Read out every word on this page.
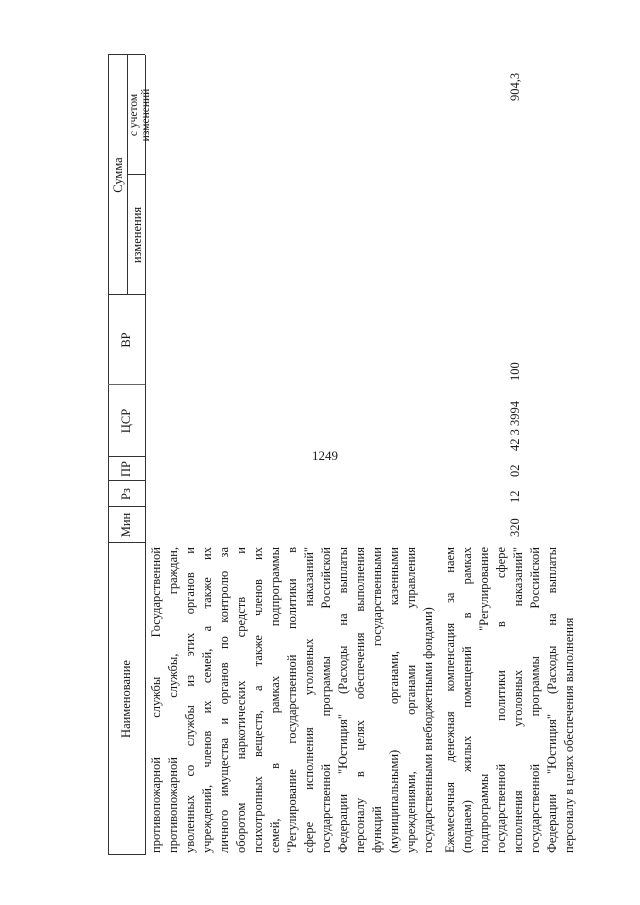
1249
Наименование
Мин
Рз
ПР
ЦСР
ВР
Сумма
изменения
с учетом изменений
противопожарной службы Государственной противопожарной службы, граждан, уволенных со службы из этих органов и учреждений, членов их семей, а также их личного имущества и органов по контролю за оборотом наркотических средств и психотропных веществ, а также членов их семей, в рамках подпрограммы "Регулирование государственной политики в сфере исполнения уголовных наказаний" государственной программы Российской Федерации "Юстиция" (Расходы на выплаты персоналу в целях обеспечения выполнения функций государственными (муниципальными) органами, казенными учреждениями, органами управления государственными внебюджетными фондами) Ежемесячная денежная компенсация за наем (поднаем) жилых помещений в рамках подпрограммы "Регулирование государственной политики в сфере исполнения уголовных наказаний" государственной программы Российской Федерации "Юстиция" (Расходы на выплаты персоналу в целях обеспечения выполнения
320
12
02
42 3 3994
100
904,3
